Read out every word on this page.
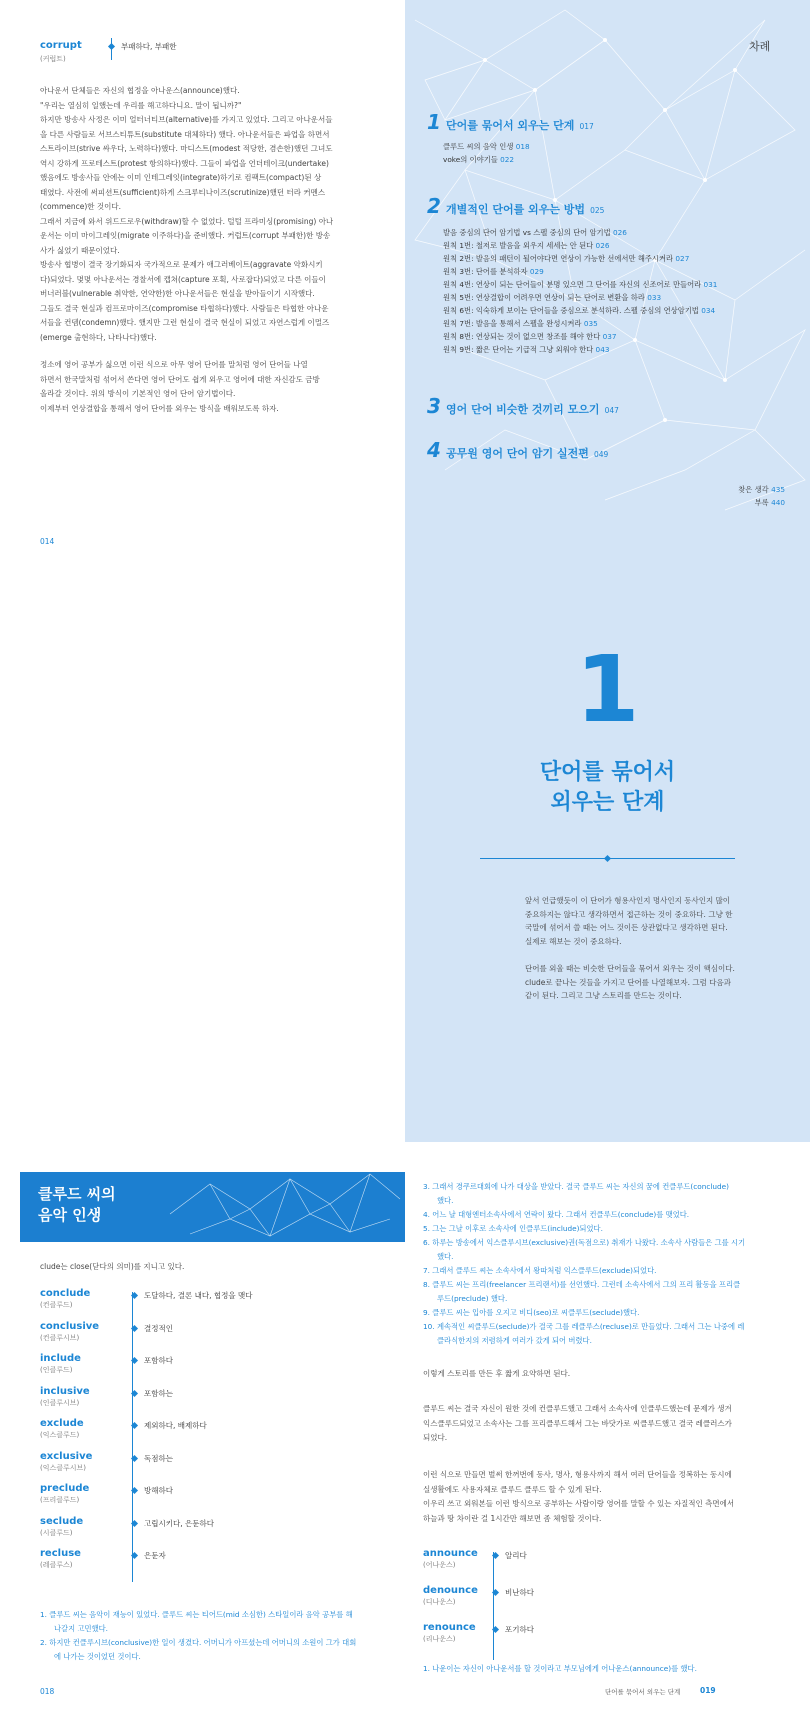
corrupt
(커럽트)
부패하다, 부패한
아나운서 단체들은 자신의 협정을 아나운스(announce)했다.
"우리는 열심히 일했는데 우리를 해고하다니요. 말이 됩니까?"
하지만 방송사 사정은 이미 얼터너티브(alternative)를 가지고 있었다. 그리고 아나운서들
을 다른 사람들로 서브스티튜트(substitute 대체하다) 했다. 아나운서들은 파업을 하면서
스트라이브(strive 싸우다, 노력하다)했다. 마디스트(modest 적당한, 겸손한)했던 그녀도
역시 강하게 프로테스트(protest 항의하다)했다. 그들이 파업을 언더테이크(undertake)
했음에도 방송사들 안에는 이미 인테그레잇(integrate)하기로 컴팩트(compact)된 상
태였다. 사전에 써피션트(sufficient)하게 스크루티나이즈(scrutinize)했던 터라 커멘스
(commence)한 것이다.
그래서 지금에 와서 위드드로우(withdraw)할 수 없었다. 털털 프라미싱(promising) 아나
운서는 이미 마이그레잇(migrate 이주하다)을 준비했다. 커럽트(corrupt 부패한)한 방송
사가 싫었기 때문이었다.
방송사 협병이 결국 장기화되자 국가적으로 문제가 애그러베이트(aggravate 악화시키
다)되었다. 몇몇 아나운서는 경찰서에 캡쳐(capture 포획, 사로잡다)되었고 다른 이들이
버너러블(vulnerable 취약한, 연약한)한 아나운서들은 현실을 받아들이기 시작했다.
그들도 결국 현실과 컴프로마이즈(compromise 타협하다)했다. 사람들은 타협한 아나운
서들을 컨뎀(condemn)했다. 했지만 그런 현실이 결국 현실이 되었고 자연스럽게 이멀즈
(emerge 출현하다, 나타나다)했다.
정소에 영어 공부가 싫으면 이런 식으로 아무 영어 단어를 말처럼 영어 단어들 나열
하면서 한국말처럼 섞어서 쓴다면 영어 단어도 쉽게 외우고 영어에 대한 자신감도 금방
올라갈 것이다. 위의 방식이 기본적인 영어 단어 암기법이다.
이제부터 연상결합을 통해서 영어 단어를 외우는 방식을 배워보도록 하자.
014
차례
1 단어를 묶어서 외우는 단계 017
클루드 씨의 음악 인생 018
voke의 이야기들 022
2 개별적인 단어를 외우는 방법 025
발음 중심의 단어 암기법 vs 스펠 중심의 단어 암기법 026
원칙 1번: 철저로 발음을 외우지 세세는 안 된다 026
원칙 2번: 발음의 패턴이 될어야다면 연상이 가능한 선에서만 해주시켜라 027
원칙 3번: 단어를 분석하자 029
원칙 4번: 연상이 되는 단어들이 분명 있으면 그 단어를 자신의 신조어로 만들어라 031
원칙 5번: 연상결합이 어려우면 연상이 되는 단어로 변환을 하라 033
원칙 6번: 익숙하게 보이는 단어들을 중심으로 분석하라. 스펠 중심의 연상암기법 034
원칙 7번: 발음을 통해서 스펠을 완성시켜라 035
원칙 8번: 연상되는 것이 없으면 창조를 해야 한다 037
원칙 9번: 짧은 단어는 기급적 그냥 외워야 한다 043
3 영어 단어 비슷한 것끼리 모으기 047
4 공무원 영어 단어 암기 실전편 049
찾은 생각 435
부록 440
1
단어를 묶어서
외우는 단계
앞서 언급했듯이 이 단어가 형용사인지 명사인지 동사인지 많이
중요하지는 않다고 생각하면서 접근하는 것이 중요하다. 그냥 한
국말에 섞어서 쓸 때는 어느 것이든 상관없다고 생각하면 된다.
실제로 해보는 것이 중요하다.
단어를 외울 때는 비슷한 단어들을 묶어서 외우는 것이 핵심이다.
clude로 끝나는 것들을 가지고 단어를 나열해보자. 그럼 다음과
같이 된다. 그리고 그냥 스토리를 만드는 것이다.
클루드 씨의
음악 인생
clude는 close(닫다의 의미)를 지니고 있다.
conclude
(컨클루드)
도달하다, 결론 내다, 협정을 맺다
conclusive
(컨클루시브)
결정적인
include
(인클루드)
포함하다
inclusive
(인클루시브)
포함하는
exclude
(익스클루드)
제외하다, 배제하다
exclusive
(익스클루시브)
독점하는
preclude
(프리클루드)
방해하다
seclude
(시클루드)
고립시키다, 은둔하다
recluse
(레클루스)
은둔자
1. 클루드 씨는 음악이 재능이 있었다. 클루드 씨는 티어드(mid 소심한) 스타일이라 음악 공부를 해
나갈지 고민했다.
2. 하지만 컨클루시브(conclusive)한 일이 생겼다. 어머니가 아프셨는데 어머니의 소원이 그가 대회
에 나가는 것이었던 것이다.
018
3. 그래서 경쿠르대회에 나가 대상을 받았다. 결국 클루드 씨는 자신의 꿈에 컨클루드(conclude)
했다.
4. 어느 날 대형엔터소속사에서 연락이 왔다. 그래서 컨클루드(conclude)를 맺었다.
5. 그는 그날 이후로 소속사에 인클루드(include)되었다.
6. 하루는 방송에서 익스클루시브(exclusive)권(독점으로) 취재가 나왔다. 소속사 사람들은 그를 시기
했다.
7. 그래서 클루드 씨는 소속사에서 왕따처럼 익스클루드(exclude)되었다.
8. 클루드 씨는 프리(freelancer 프리랜서)를 선언했다. 그런데 소속사에서 그의 프리 활동을 프리클
루드(preclude) 했다.
9. 클루드 씨는 입아를 오지고 비디(seo)로 씨클루드(seclude)했다.
10. 계속적인 씨클루드(seclude)가 결국 그를 레클루스(recluse)로 만들었다. 그래서 그는 나중에 레
클라식한지의 저렴하게 여러가 갔게 되어 버렸다.
이렇게 스토리를 만든 후 짧게 요약하면 된다.
클루드 씨는 결국 자신이 원한 것에 컨클루드했고 그래서 소속사에 인클루드했는데 문제가 생겨
익스클루드되었고 소속사는 그를 프리클루드해서 그는 바닷가로 씨클루드했고 결국 레클러스가
되었다.
이런 식으로 만들면 벌써 한꺼번에 동사, 명사, 형용사까지 해서 여러 단어들을 정복하는 동시에
실생활에도 사용자체로 클루드 클루드 할 수 있게 된다.
이우리 쓰고 외워본들 이런 방식으로 공부하는 사람이랑 영어를 말할 수 있는 자질적인 측면에서
하늘과 땅 차이란 걸 1시간만 해보면 좀 체험할 것이다.
announce
(어나운스)
알리다
denounce
(디나운스)
비난하다
renounce
(리나운스)
포기하다
1. 나운이는 자신이 아나운서를 할 것이라고 부모님에게 어나운스(announce)를 했다.
단어를 묶어서 외우는 단계	019
